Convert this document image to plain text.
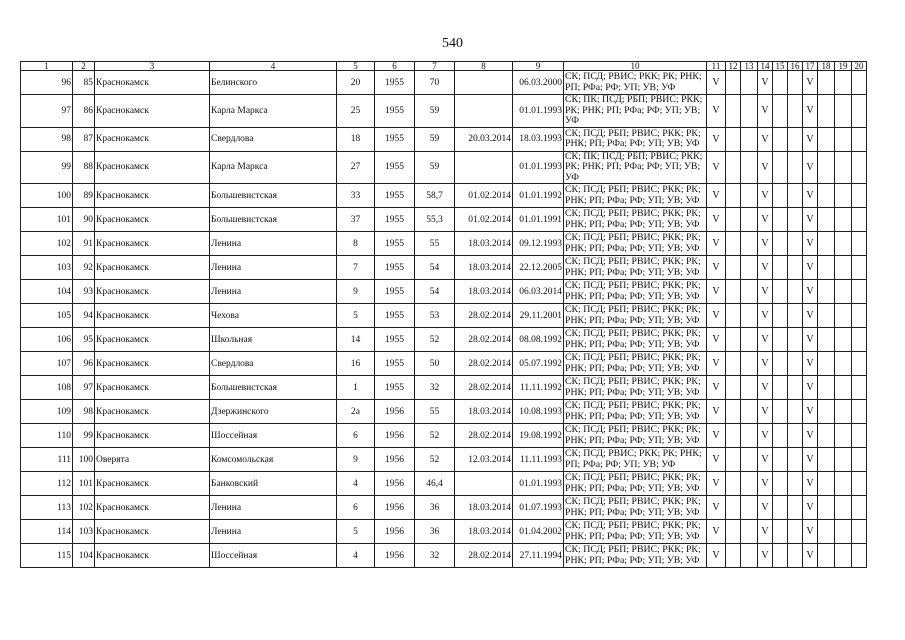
540
1	2	3	4	5	6	7	8	9	10	11	12	13	14	15	16	17	18	19	20
96	85	Краснокамск	Белинского	20	1955	70		06.03.2000	СК; ПСД; РВИС; РКК; РК; РНК; РП; РФа; РФ; УП; УВ; УФ	V			V			V			
97	86	Краснокамск	Карла Маркса	25	1955	59		01.01.1993	СК; ПК; ПСД; РБП; РВИС; РКК; РК; РНК; РП; РФа; РФ; УП; УВ; УФ	V			V			V			
98	87	Краснокамск	Свердлова	18	1955	59	20.03.2014	18.03.1993	СК; ПСД; РБП; РВИС; РКК; РК; РНК; РП; РФа; РФ; УП; УВ; УФ	V			V			V			
99	88	Краснокамск	Карла Маркса	27	1955	59		01.01.1993	СК; ПК; ПСД; РБП; РВИС; РКК; РК; РНК; РП; РФа; РФ; УП; УВ; УФ	V			V			V			
100	89	Краснокамск	Большевистская	33	1955	58,7	01.02.2014	01.01.1992	СК; ПСД; РБП; РВИС; РКК; РК; РНК; РП; РФа; РФ; УП; УВ; УФ	V			V			V			
101	90	Краснокамск	Большевистская	37	1955	55,3	01.02.2014	01.01.1991	СК; ПСД; РБП; РВИС; РКК; РК; РНК; РП; РФа; РФ; УП; УВ; УФ	V			V			V			
102	91	Краснокамск	Ленина	8	1955	55	18.03.2014	09.12.1993	СК; ПСД; РБП; РВИС; РКК; РК; РНК; РП; РФа; РФ; УП; УВ; УФ	V			V			V			
103	92	Краснокамск	Ленина	7	1955	54	18.03.2014	22.12.2005	СК; ПСД; РБП; РВИС; РКК; РК; РНК; РП; РФа; РФ; УП; УВ; УФ	V			V			V			
104	93	Краснокамск	Ленина	9	1955	54	18.03.2014	06.03.2014	СК; ПСД; РБП; РВИС; РКК; РК; РНК; РП; РФа; РФ; УП; УВ; УФ	V			V			V			
105	94	Краснокамск	Чехова	5	1955	53	28.02.2014	29.11.2001	СК; ПСД; РБП; РВИС; РКК; РК; РНК; РП; РФа; РФ; УП; УВ; УФ	V			V			V			
106	95	Краснокамск	Школьная	14	1955	52	28.02.2014	08.08.1992	СК; ПСД; РБП; РВИС; РКК; РК; РНК; РП; РФа; РФ; УП; УВ; УФ	V			V			V			
107	96	Краснокамск	Свердлова	16	1955	50	28.02.2014	05.07.1992	СК; ПСД; РБП; РВИС; РКК; РК; РНК; РП; РФа; РФ; УП; УВ; УФ	V			V			V			
108	97	Краснокамск	Большевистская	1	1955	32	28.02.2014	11.11.1992	СК; ПСД; РБП; РВИС; РКК; РК; РНК; РП; РФа; РФ; УП; УВ; УФ	V			V			V			
109	98	Краснокамск	Дзержинского	2а	1956	55	18.03.2014	10.08.1993	СК; ПСД; РБП; РВИС; РКК; РК; РНК; РП; РФа; РФ; УП; УВ; УФ	V			V			V			
110	99	Краснокамск	Шоссейная	6	1956	52	28.02.2014	19.08.1992	СК; ПСД; РБП; РВИС; РКК; РК; РНК; РП; РФа; РФ; УП; УВ; УФ	V			V			V			
111	100	Оверята	Комсомольская	9	1956	52	12.03.2014	11.11.1993	СК; ПСД; РВИС; РКК; РК; РНК; РП; РФа; РФ; УП; УВ; УФ	V			V			V			
112	101	Краснокамск	Банковский	4	1956	46,4		01.01.1993	СК; ПСД; РБП; РВИС; РКК; РК; РНК; РП; РФа; РФ; УП; УВ; УФ	V			V			V			
113	102	Краснокамск	Ленина	6	1956	36	18.03.2014	01.07.1993	СК; ПСД; РБП; РВИС; РКК; РК; РНК; РП; РФа; РФ; УП; УВ; УФ	V			V			V			
114	103	Краснокамск	Ленина	5	1956	36	18.03.2014	01.04.2002	СК; ПСД; РБП; РВИС; РКК; РК; РНК; РП; РФа; РФ; УП; УВ; УФ	V			V			V			
115	104	Краснокамск	Шоссейная	4	1956	32	28.02.2014	27.11.1994	СК; ПСД; РБП; РВИС; РКК; РК; РНК; РП; РФа; РФ; УП; УВ; УФ	V			V			V			
